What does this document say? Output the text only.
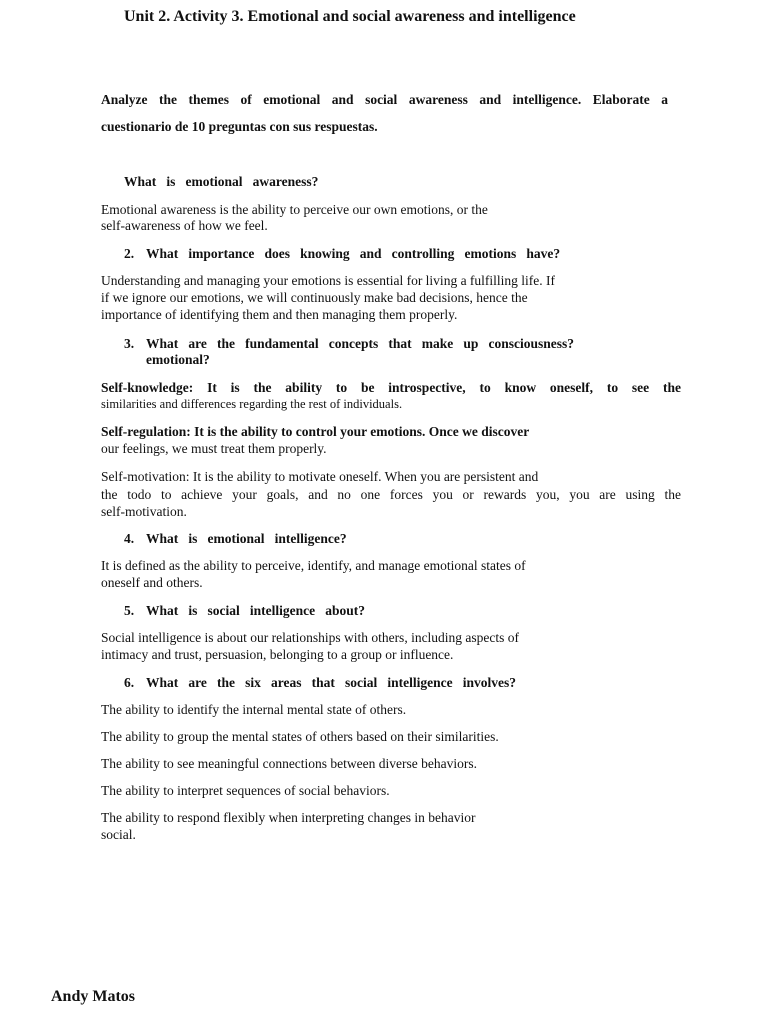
Unit 2. Activity 3. Emotional and social awareness and intelligence
Analyze the themes of emotional and social awareness and intelligence. Elaborate a
cuestionario de 10 preguntas con sus respuestas.
What   is   emotional   awareness?
Emotional awareness is the ability to perceive our own emotions, or the
self-awareness of how we feel.
2. What   importance   does   knowing   and   controlling   emotions   have?
Understanding and managing your emotions is essential for living a fulfilling life. If
if we ignore our emotions, we will continuously make bad decisions, hence the
importance of identifying them and then managing them properly.
3. What   are   the   fundamental   concepts   that   make   up   consciousness?
emotional?
Self-knowledge: It is the ability to be introspective, to know oneself, to see the
similarities and differences regarding the rest of individuals.
Self-regulation: It is the ability to control your emotions. Once we discover
our feelings, we must treat them properly.
Self-motivation: It is the ability to motivate oneself. When you are persistent and
the todo to achieve your goals, and no one forces you or rewards you, you are using the
self-motivation.
4. What   is   emotional   intelligence?
It is defined as the ability to perceive, identify, and manage emotional states of
oneself and others.
5. What   is   social   intelligence   about?
Social intelligence is about our relationships with others, including aspects of
intimacy and trust, persuasion, belonging to a group or influence.
6. What   are   the   six   areas   that   social   intelligence   involves?
The ability to identify the internal mental state of others.
The ability to group the mental states of others based on their similarities.
The ability to see meaningful connections between diverse behaviors.
The ability to interpret sequences of social behaviors.
The ability to respond flexibly when interpreting changes in behavior
social.
Andy Matos
